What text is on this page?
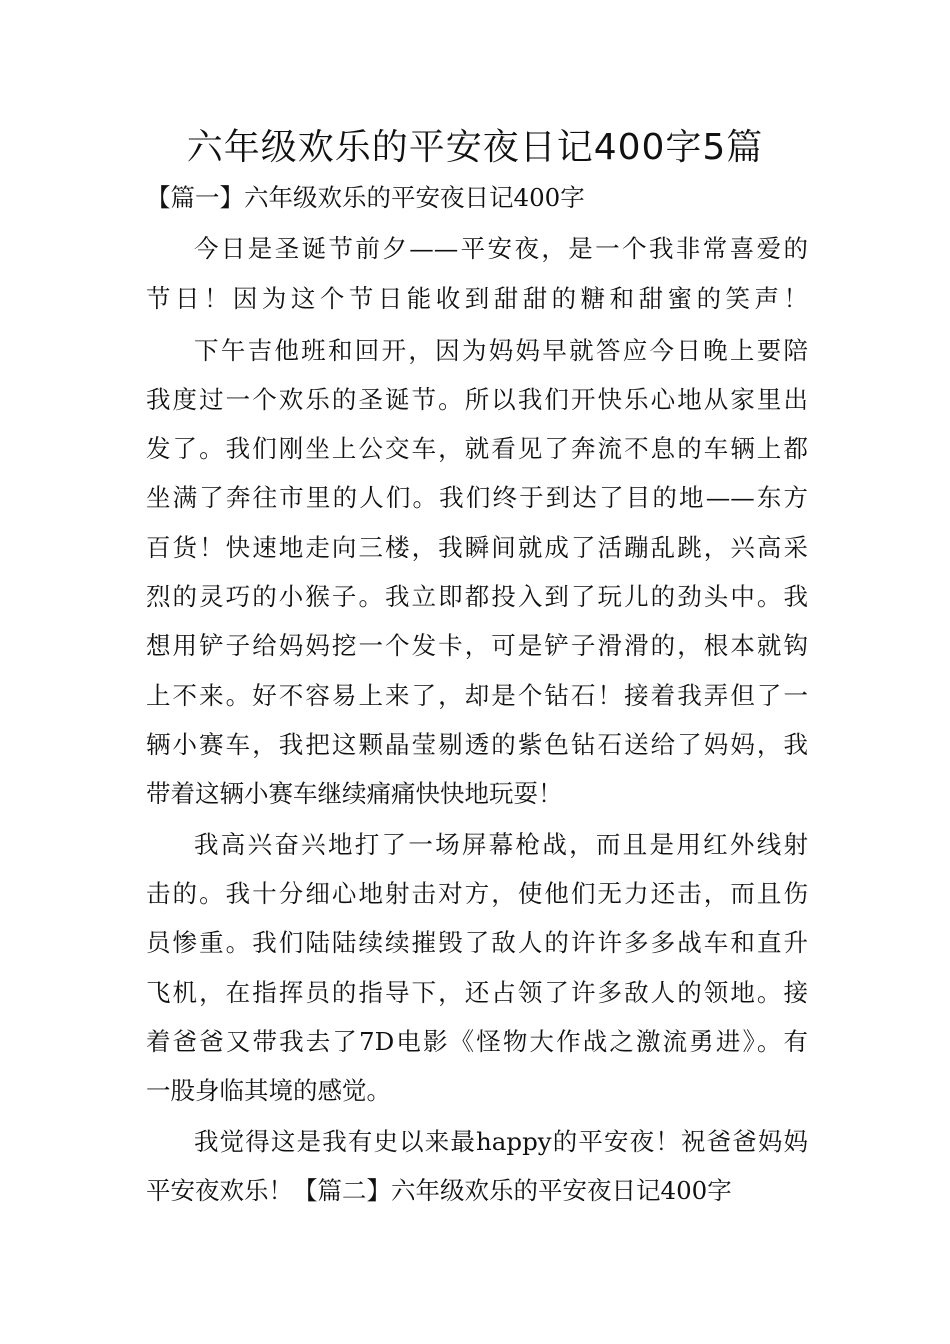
六年级欢乐的平安夜日记400字5篇
【篇一】六年级欢乐的平安夜日记400字
今日是圣诞节前夕——平安夜，是一个我非常喜爱的
节日！因为这个节日能收到甜甜的糖和甜蜜的笑声！
下午吉他班和回开，因为妈妈早就答应今日晚上要陪
我度过一个欢乐的圣诞节。所以我们开快乐心地从家里出
发了。我们刚坐上公交车，就看见了奔流不息的车辆上都
坐满了奔往市里的人们。我们终于到达了目的地——东方
百货！快速地走向三楼，我瞬间就成了活蹦乱跳，兴高采
烈的灵巧的小猴子。我立即都投入到了玩儿的劲头中。我
想用铲子给妈妈挖一个发卡，可是铲子滑滑的，根本就钩
上不来。好不容易上来了，却是个钻石！接着我弄但了一
辆小赛车，我把这颗晶莹剔透的紫色钻石送给了妈妈，我
带着这辆小赛车继续痛痛快快地玩耍！
我高兴奋兴地打了一场屏幕枪战，而且是用红外线射
击的。我十分细心地射击对方，使他们无力还击，而且伤
员惨重。我们陆陆续续摧毁了敌人的许许多多战车和直升
飞机，在指挥员的指导下，还占领了许多敌人的领地。接
着爸爸又带我去了7D电影《怪物大作战之激流勇进》。有
一股身临其境的感觉。
我觉得这是我有史以来最happy的平安夜！祝爸爸妈妈
平安夜欢乐！【篇二】六年级欢乐的平安夜日记400字
